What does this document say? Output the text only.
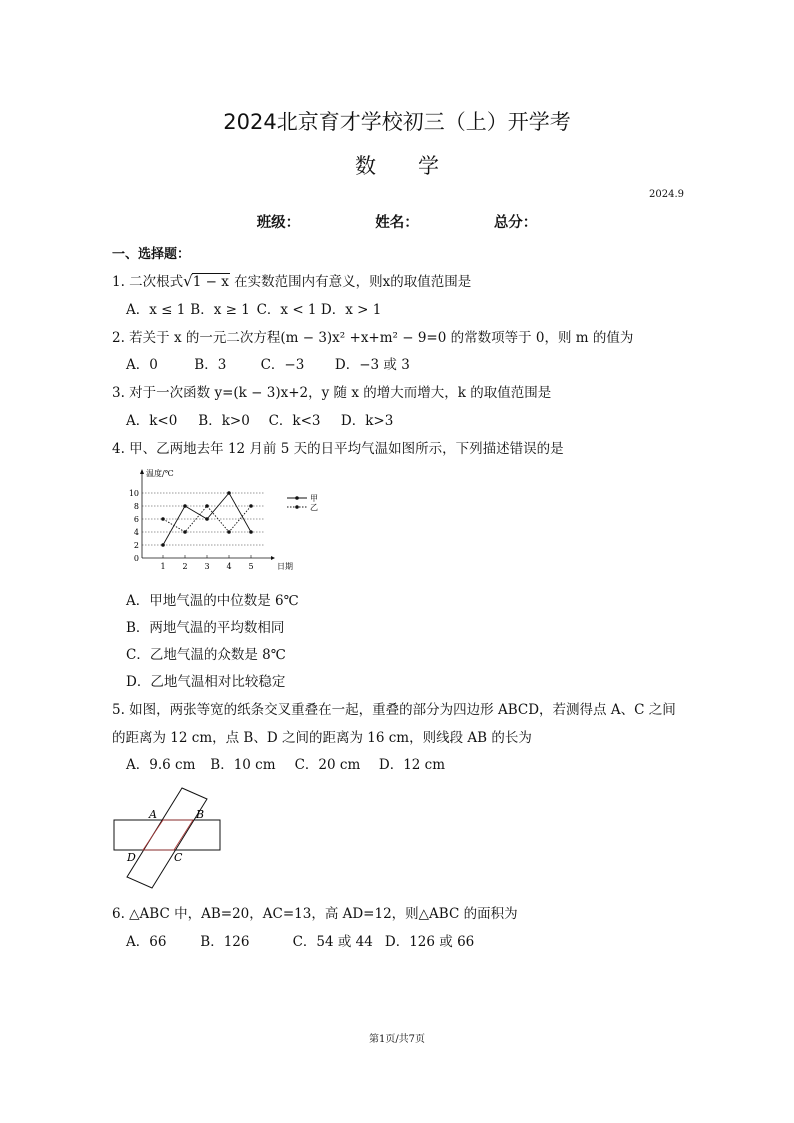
2024北京育才学校初三（上）开学考
数　　学
2024.9
班级：	姓名：	总分：
一、选择题：
1. 二次根式√1 − x 在实数范围内有意义，则x的取值范围是
A．x ≤ 1 B．x ≥ 1 C．x < 1 D．x > 1
2. 若关于 x 的一元二次方程(m − 3)x² +x+m² − 9=0 的常数项等于 0，则 m 的值为
A．0	B．3	C．−3 D．−3 或 3
3. 对于一次函数 y=(k − 3)x+2，y 随 x 的增大而增大，k 的取值范围是
A．k<0 B．k>0 C．k<3 D．k>3
4. 甲、乙两地去年 12 月前 5 天的日平均气温如图所示，下列描述错误的是
0
2
4
6
8
10
温度/℃
日期
1 2 3 4 5
甲
乙
A．甲地气温的中位数是 6℃
B．两地气温的平均数相同
C．乙地气温的众数是 8℃
D．乙地气温相对比较稳定
5. 如图，两张等宽的纸条交叉重叠在一起，重叠的部分为四边形 ABCD，若测得点 A、C 之间
的距离为 12 cm，点 B、D 之间的距离为 16 cm，则线段 AB 的长为
A．9.6 cm B．10 cm C．20 cm D．12 cm
A	B
C
D
6. △ABC 中，AB=20，AC=13，高 AD=12，则△ABC 的面积为
A．66	B．126	C．54 或 44 D．126 或 66
第1页/共7页
